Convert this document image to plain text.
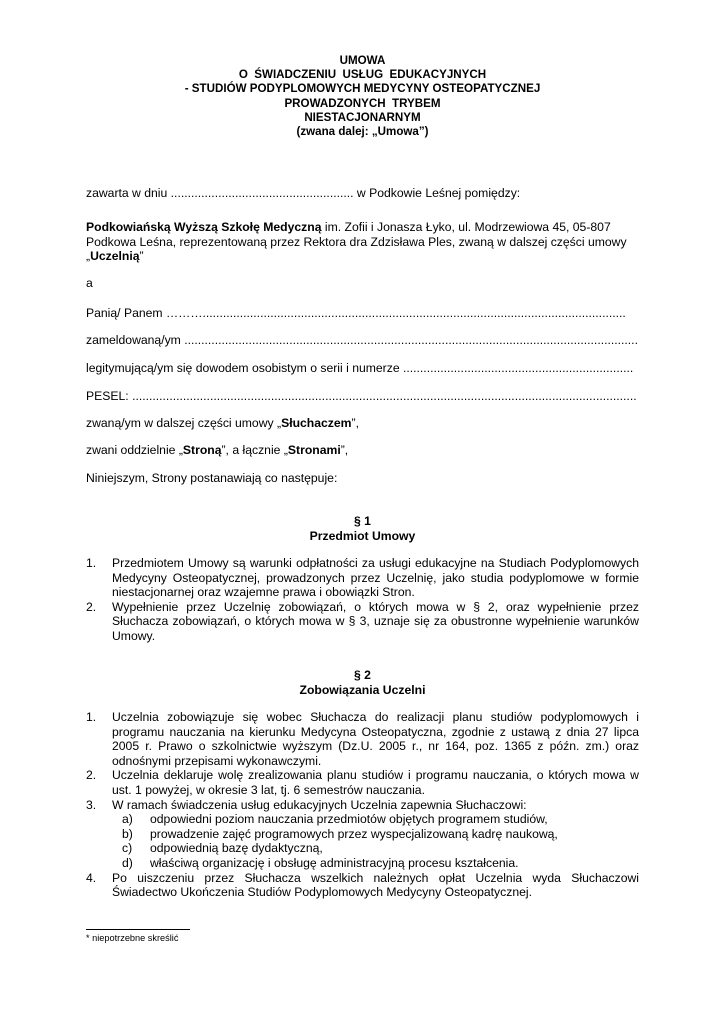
UMOWA
O  ŚWIADCZENIU  USŁUG  EDUKACYJNYCH
- STUDIÓW PODYPLOMOWYCH MEDYCYNY OSTEOPATYCZNEJ
PROWADZONYCH  TRYBEM
NIESTACJONARNYM
(zwana dalej: „Umowa”)
zawarta w dniu ...................................................... w Podkowie Leśnej pomiędzy:
Podkowiańską Wyższą Szkołę Medyczną im. Zofii i Jonasza Łyko, ul. Modrzewiowa 45, 05-807
Podkowa Leśna, reprezentowaną przez Rektora dra Zdzisława Ples, zwaną w dalszej części umowy
„Uczelnią”
a
Panią/ Panem ……….............................................................................................................................
zameldowaną/ym ......................................................................................................................................
legitymującą/ym się dowodem osobistym o serii i numerze ....................................................................
PESEL: .....................................................................................................................................................
zwaną/ym w dalszej części umowy „Słuchaczem”,
zwani oddzielnie „Stroną”, a łącznie „Stronami”,
Niniejszym, Strony postanawiają co następuje:
§ 1
Przedmiot Umowy
1. Przedmiotem Umowy są warunki odpłatności za usługi edukacyjne na Studiach Podyplomowych
Medycyny Osteopatycznej, prowadzonych przez Uczelnię, jako studia podyplomowe w formie
niestacjonarnej oraz wzajemne prawa i obowiązki Stron.
2. Wypełnienie przez Uczelnię zobowiązań, o których mowa w § 2, oraz wypełnienie przez
Słuchacza zobowiązań, o których mowa w § 3, uznaje się za obustronne wypełnienie warunków
Umowy.
§ 2
Zobowiązania Uczelni
1. Uczelnia zobowiązuje się wobec Słuchacza do realizacji planu studiów podyplomowych i
programu nauczania na kierunku Medycyna Osteopatyczna, zgodnie z ustawą z dnia 27 lipca
2005 r. Prawo o szkolnictwie wyższym (Dz.U. 2005 r., nr 164, poz. 1365 z późn. zm.) oraz
odnośnymi przepisami wykonawczymi.
2. Uczelnia deklaruje wolę zrealizowania planu studiów i programu nauczania, o których mowa w
ust. 1 powyżej, w okresie 3 lat, tj. 6 semestrów nauczania.
3. W ramach świadczenia usług edukacyjnych Uczelnia zapewnia Słuchaczowi:
a) odpowiedni poziom nauczania przedmiotów objętych programem studiów,
b) prowadzenie zajęć programowych przez wyspecjalizowaną kadrę naukową,
c) odpowiednią bazę dydaktyczną,
d) właściwą organizację i obsługę administracyjną procesu kształcenia.
4. Po uiszczeniu przez Słuchacza wszelkich należnych opłat Uczelnia wyda Słuchaczowi
Świadectwo Ukończenia Studiów Podyplomowych Medycyny Osteopatycznej.
* niepotrzebne skreślić
